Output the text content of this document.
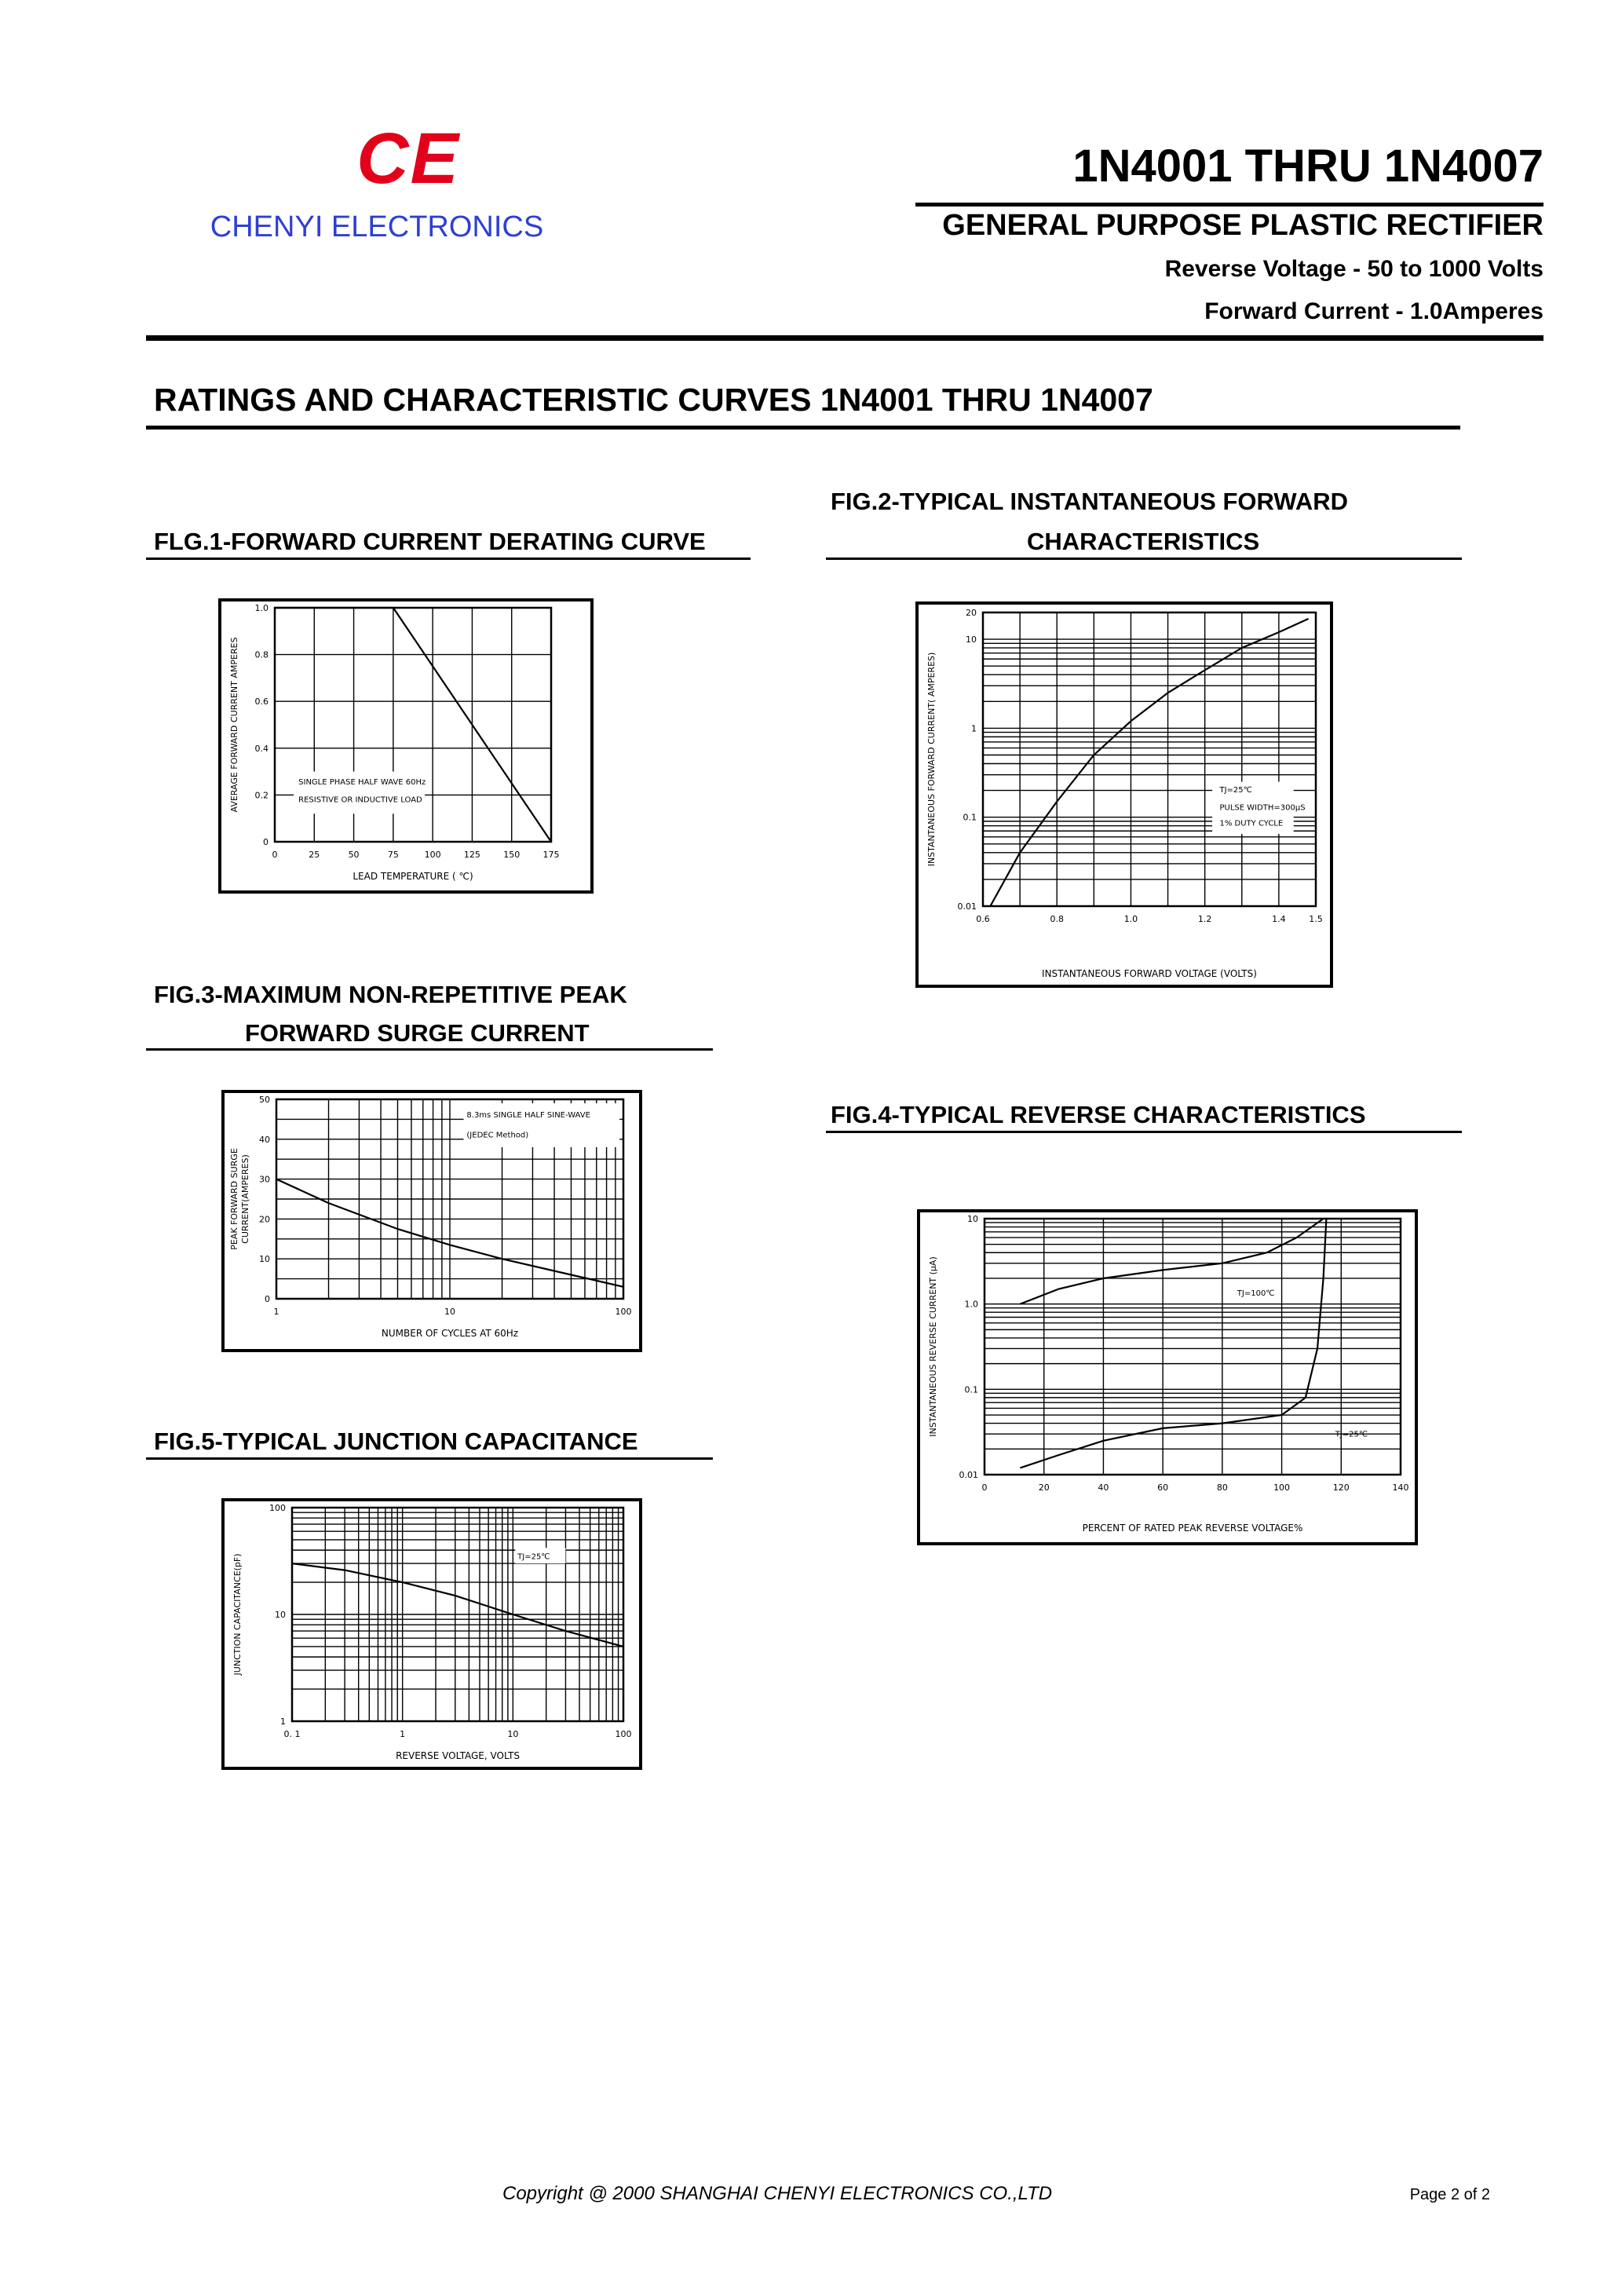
CE
CHENYI ELECTRONICS
1N4001 THRU 1N4007
GENERAL PURPOSE PLASTIC RECTIFIER
Reverse Voltage - 50 to 1000 Volts
Forward Current - 1.0Amperes
RATINGS AND CHARACTERISTIC CURVES 1N4001 THRU 1N4007
FLG.1-FORWARD CURRENT DERATING CURVE
FIG.2-TYPICAL INSTANTANEOUS FORWARD
CHARACTERISTICS
FIG.3-MAXIMUM NON-REPETITIVE PEAK
FORWARD SURGE CURRENT
FIG.4-TYPICAL REVERSE CHARACTERISTICS
FIG.5-TYPICAL JUNCTION CAPACITANCE
0	25	50	75	100	125	150	175
0
0.2
0.4
0.6
0.8
1.0
LEAD TEMPERATURE ( ℃)
AVERAGE FORWARD CURRENT AMPERES	SINGLE PHASE HALF WAVE 60Hz
RESISTIVE OR INDUCTIVE LOAD
0.6	0.8	1.0	1.2	1.4	1.5
0.01
0.1
1
10
20
INSTANTANEOUS FORWARD VOLTAGE (VOLTS)
INSTANTANEOUS FORWARD CURRENT( AMPERES)	TJ=25℃
PULSE WIDTH=300μS
1% DUTY CYCLE
1	10	100
0
10
20
30
40
50
NUMBER OF CYCLES AT 60Hz
PEAK FORWARD SURGE CURRENT(AMPERES)
8.3ms SINGLE HALF SINE-WAVE
(JEDEC Method)
0	20	40	60	80	100	120	140
0.01
0.1
1.0
10
PERCENT OF RATED PEAK REVERSE VOLTAGE%
INSTANTANEOUS REVERSE CURRENT (μA)	TJ=100℃
TJ=25℃
0. 1	1	10	100
1
10
100
REVERSE VOLTAGE, VOLTS
JUNCTION CAPACITANCE(pF)	TJ=25℃
Copyright @ 2000 SHANGHAI CHENYI ELECTRONICS CO.,LTD	Page 2 of 2
